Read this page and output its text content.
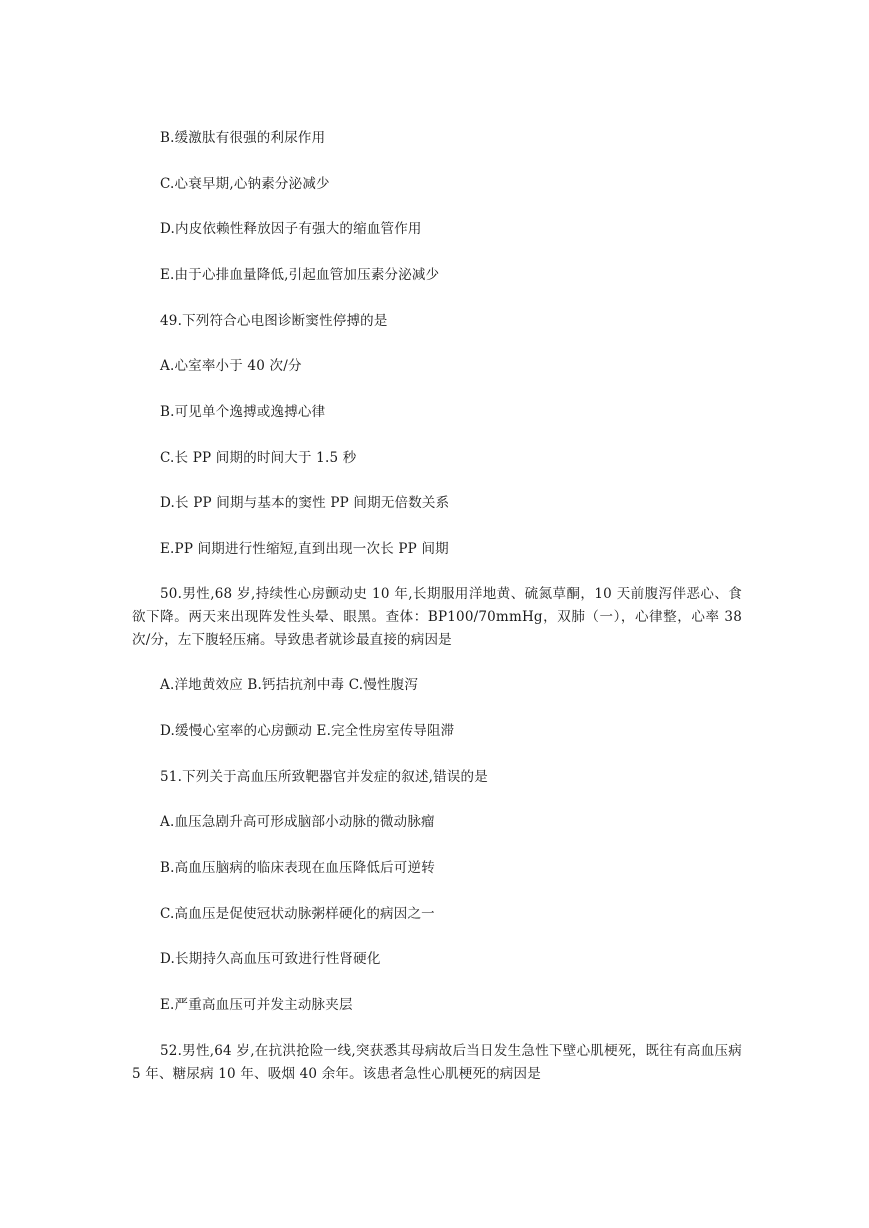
B.缓激肽有很强的利尿作用
C.心衰早期,心钠素分泌减少
D.内皮依赖性释放因子有强大的缩血管作用
E.由于心排血量降低,引起血管加压素分泌减少
49.下列符合心电图诊断窦性停搏的是
A.心室率小于 40 次/分
B.可见单个逸搏或逸搏心律
C.长 PP 间期的时间大于 1.5 秒
D.长 PP 间期与基本的窦性 PP 间期无倍数关系
E.PP 间期进行性缩短,直到出现一次长 PP 间期
50.男性,68 岁,持续性心房颤动史 10 年,长期服用洋地黄、硫氮草酮，10 天前腹泻伴恶心、食欲下降。两天来出现阵发性头晕、眼黑。查体：BP100/70mmHg，双肺（一），心律整，心率 38 次/分，左下腹轻压痛。导致患者就诊最直接的病因是
A.洋地黄效应 B.钙拮抗剂中毒 C.慢性腹泻
D.缓慢心室率的心房颤动 E.完全性房室传导阻滞
51.下列关于高血压所致靶器官并发症的叙述,错误的是
A.血压急剧升高可形成脑部小动脉的微动脉瘤
B.高血压脑病的临床表现在血压降低后可逆转
C.高血压是促使冠状动脉粥样硬化的病因之一
D.长期持久高血压可致进行性肾硬化
E.严重高血压可并发主动脉夹层
52.男性,64 岁,在抗洪抢险一线,突获悉其母病故后当日发生急性下壁心肌梗死，既往有高血压病 5 年、糖尿病 10 年、吸烟 40 余年。该患者急性心肌梗死的病因是
